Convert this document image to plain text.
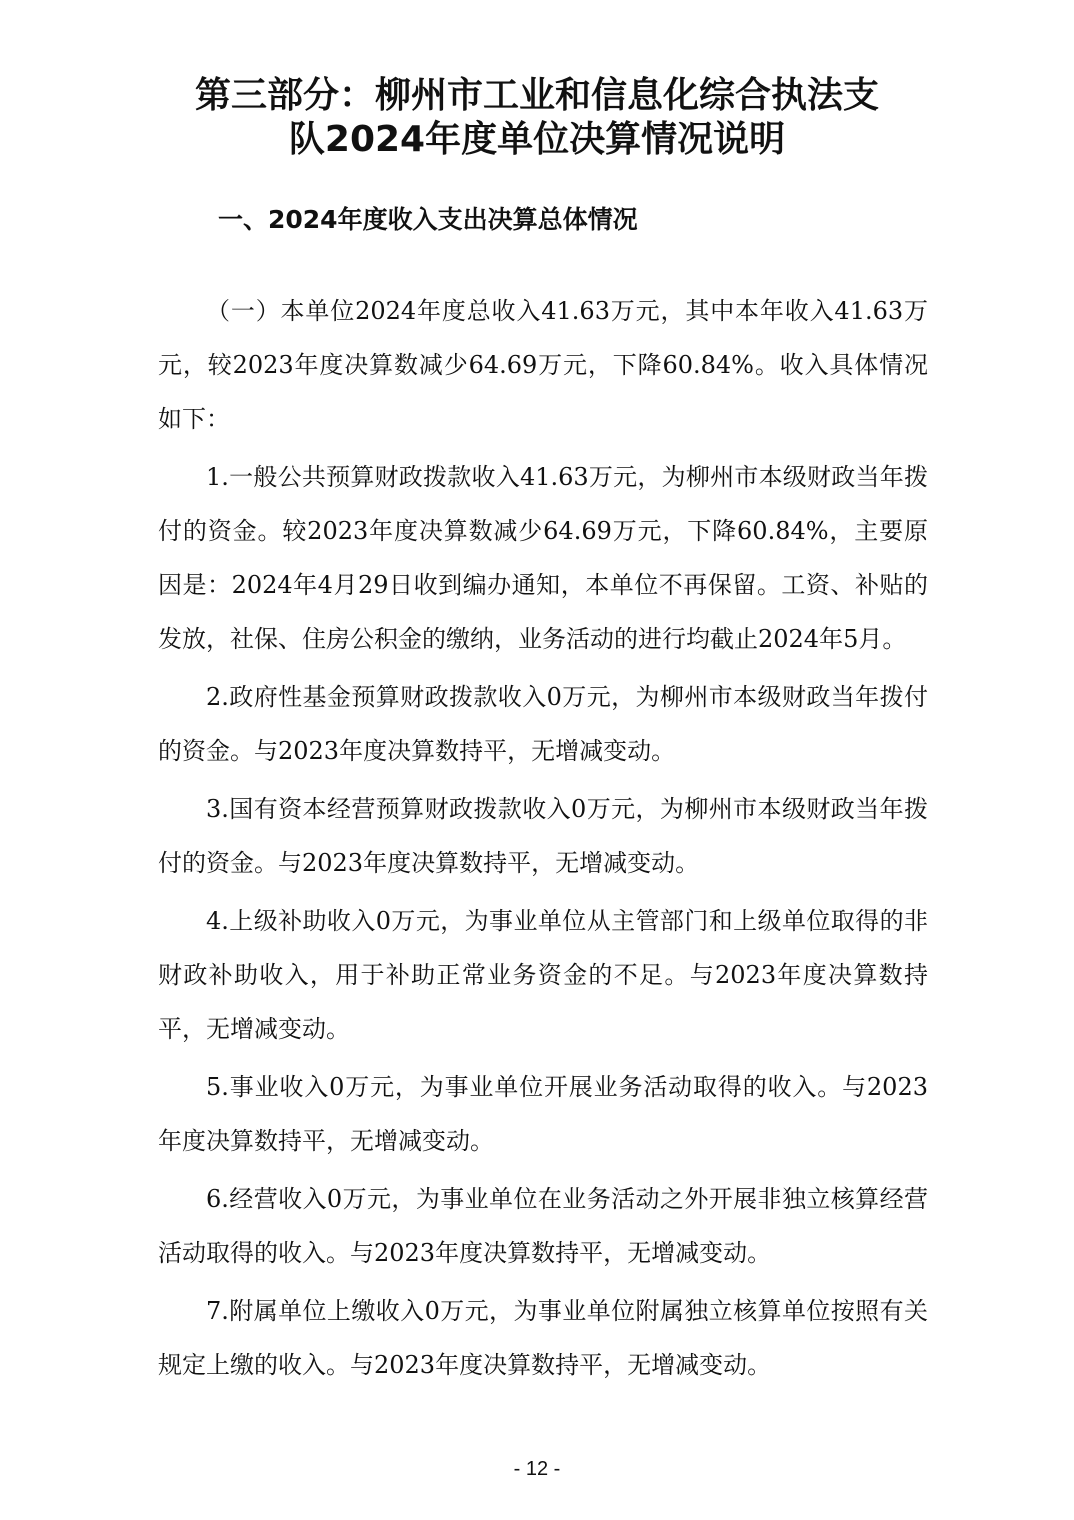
第三部分：柳州市工业和信息化综合执法支
队2024年度单位决算情况说明
一、2024年度收入支出决算总体情况

（一）本单位2024年度总收入41.63万元，其中本年收入41.63万元，较2023年度决算数减少64.69万元，下降60.84%。收入具体情况如下：

1.一般公共预算财政拨款收入41.63万元，为柳州市本级财政当年拨付的资金。较2023年度决算数减少64.69万元，下降60.84%，主要原因是：2024年4月29日收到编办通知，本单位不再保留。工资、补贴的发放，社保、住房公积金的缴纳，业务活动的进行均截止2024年5月。

2.政府性基金预算财政拨款收入0万元，为柳州市本级财政当年拨付的资金。与2023年度决算数持平，无增减变动。

3.国有资本经营预算财政拨款收入0万元，为柳州市本级财政当年拨付的资金。与2023年度决算数持平，无增减变动。

4.上级补助收入0万元，为事业单位从主管部门和上级单位取得的非财政补助收入，用于补助正常业务资金的不足。与2023年度决算数持平，无增减变动。

5.事业收入0万元，为事业单位开展业务活动取得的收入。与2023年度决算数持平，无增减变动。

6.经营收入0万元，为事业单位在业务活动之外开展非独立核算经营活动取得的收入。与2023年度决算数持平，无增减变动。

7.附属单位上缴收入0万元，为事业单位附属独立核算单位按照有关规定上缴的收入。与2023年度决算数持平，无增减变动。

- 12 -
